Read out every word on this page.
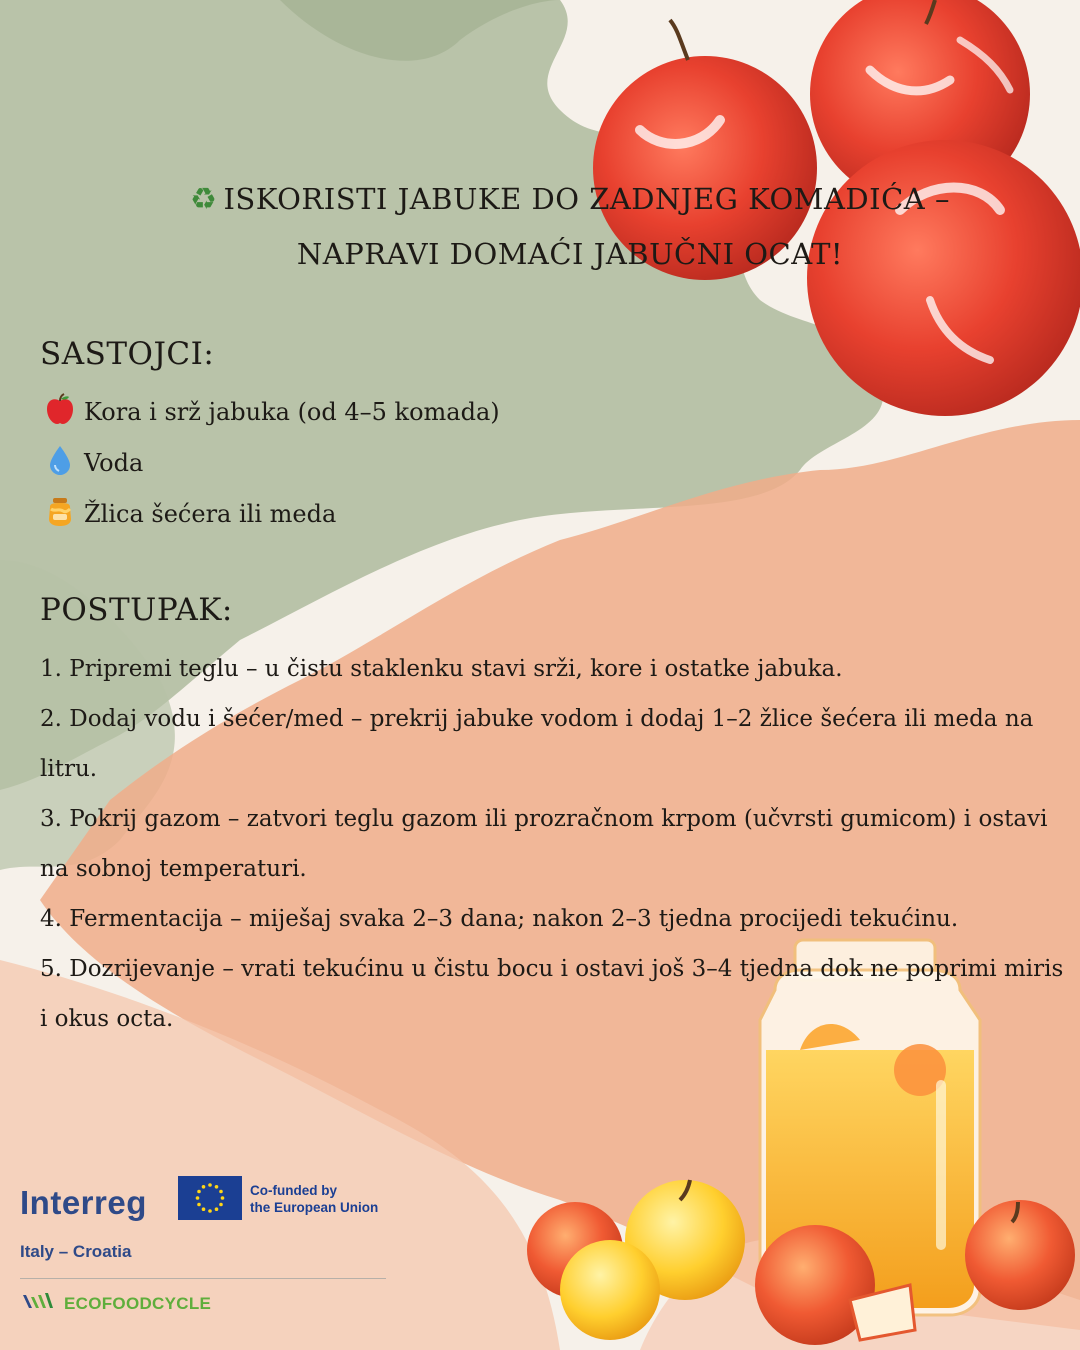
♻ ISKORISTI JABUKE DO ZADNJEG KOMADIĆA –
NAPRAVI DOMAĆI JABUČNI OCAT!
SASTOJCI:
Kora i srž jabuka (od 4–5 komada)
Voda
Žlica šećera ili meda
POSTUPAK:

1. Pripremi teglu – u čistu staklenku stavi srži, kore i ostatke jabuka.

2. Dodaj vodu i šećer/med – prekrij jabuke vodom i dodaj 1–2 žlice šećera ili meda na litru.

3. Pokrij gazom – zatvori teglu gazom ili prozračnom krpom (učvrsti gumicom) i ostavi na sobnoj temperaturi.

4. Fermentacija – miješaj svaka 2–3 dana; nakon 2–3 tjedna procijedi tekućinu.

5. Dozrijevanje – vrati tekućinu u čistu bocu i ostavi još 3–4 tjedna dok ne poprimi miris i okus octa.

Interreg	Co-funded by
the European Union
Italy – Croatia
ECOFOODCYCLE
